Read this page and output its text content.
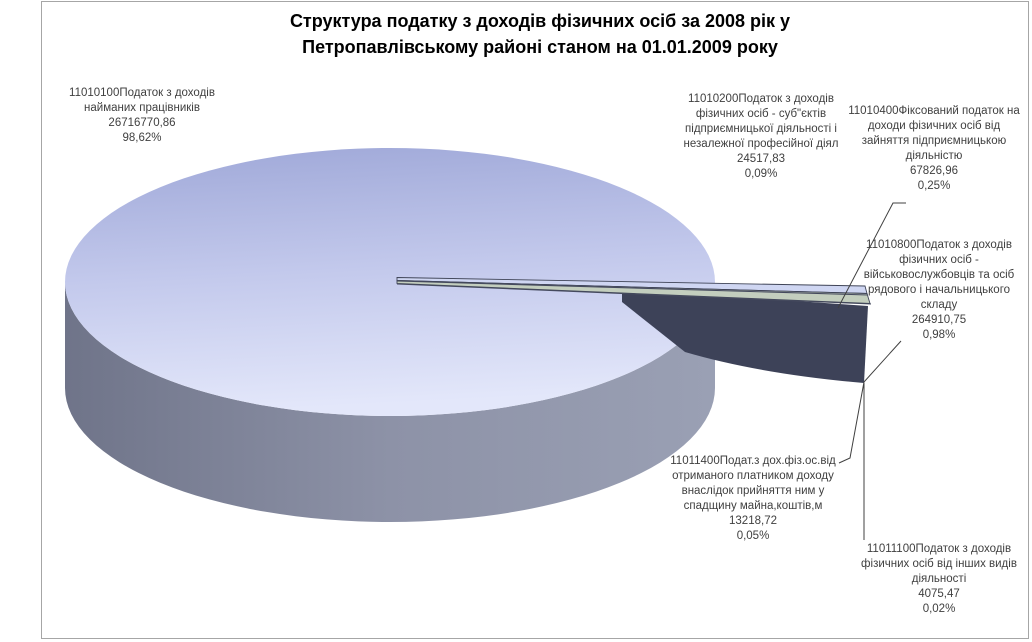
Структура податку з доходів фізичних осіб за 2008 рік у
Петропавлівському районі станом на 01.01.2009 року
11010100Податок з доходів
найманих працівників
26716770,86
98,62%
11010200Податок з доходів
фізичних осіб - суб"єктів
підприємницької діяльності і
незалежної професійної діял
24517,83
0,09%
11010400Фіксований податок на
доходи фізичних осіб від
зайняття підприємницькою
діяльністю
67826,96
0,25%
11010800Податок з доходів
фізичних осіб -
військовослужбовців та осіб
рядового і начальницького
складу
264910,75
0,98%
11011400Подат.з дох.фіз.ос.від
отриманого платником доходу
внаслідок прийняття ним у
спадщину майна,коштів,м
13218,72
0,05%
11011100Податок з доходів
фізичних осіб від інших видів
діяльності
4075,47
0,02%
